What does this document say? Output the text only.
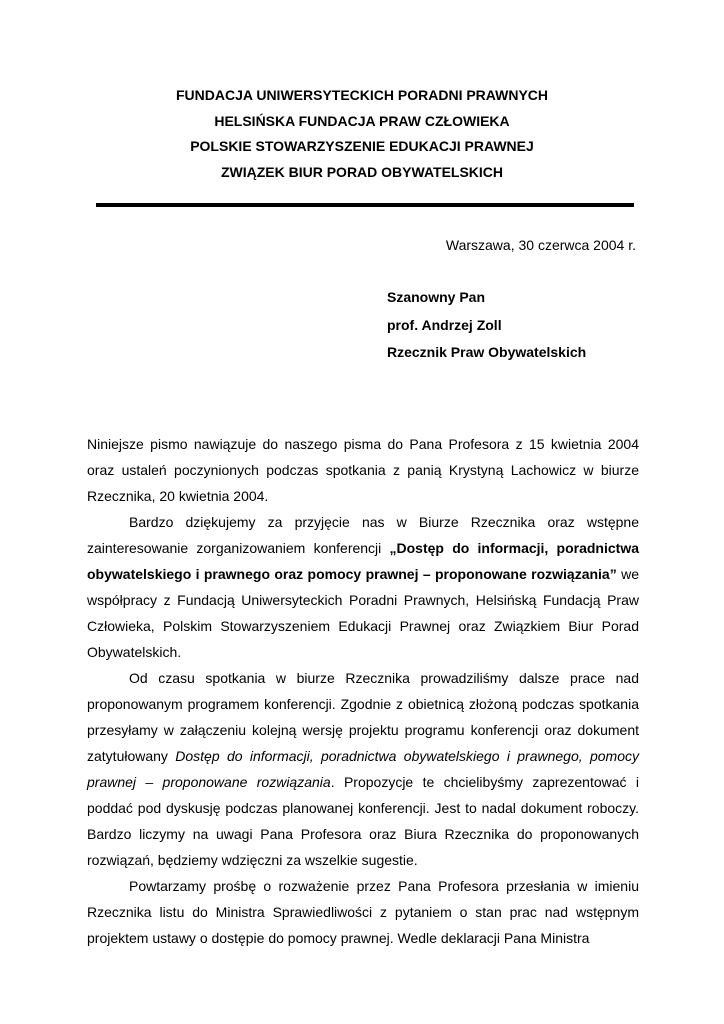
FUNDACJA UNIWERSYTECKICH PORADNI PRAWNYCH
HELSIŃSKA FUNDACJA PRAW CZŁOWIEKA
POLSKIE STOWARZYSZENIE EDUKACJI PRAWNEJ
ZWIĄZEK BIUR PORAD OBYWATELSKICH
Warszawa, 30 czerwca 2004 r.
Szanowny Pan
prof. Andrzej Zoll
Rzecznik Praw Obywatelskich

Niniejsze pismo nawiązuje do naszego pisma do Pana Profesora z 15 kwietnia 2004 oraz ustaleń poczynionych podczas spotkania z panią Krystyną Lachowicz w biurze Rzecznika, 20 kwietnia 2004.

Bardzo dziękujemy za przyjęcie nas w Biurze Rzecznika oraz wstępne zainteresowanie zorganizowaniem konferencji „Dostęp do informacji, poradnictwa obywatelskiego i prawnego oraz pomocy prawnej – proponowane rozwiązania” we współpracy z Fundacją Uniwersyteckich Poradni Prawnych, Helsińską Fundacją Praw Człowieka, Polskim Stowarzyszeniem Edukacji Prawnej oraz Związkiem Biur Porad Obywatelskich.

Od czasu spotkania w biurze Rzecznika prowadziliśmy dalsze prace nad proponowanym programem konferencji. Zgodnie z obietnicą złożoną podczas spotkania przesyłamy w załączeniu kolejną wersję projektu programu konferencji oraz dokument zatytułowany Dostęp do informacji, poradnictwa obywatelskiego i prawnego, pomocy prawnej – proponowane rozwiązania. Propozycje te chcielibyśmy zaprezentować i poddać pod dyskusję podczas planowanej konferencji. Jest to nadal dokument roboczy. Bardzo liczymy na uwagi Pana Profesora oraz Biura Rzecznika do proponowanych rozwiązań, będziemy wdzięczni za wszelkie sugestie.

Powtarzamy prośbę o rozważenie przez Pana Profesora przesłania w imieniu Rzecznika listu do Ministra Sprawiedliwości z pytaniem o stan prac nad wstępnym projektem ustawy o dostępie do pomocy prawnej. Wedle deklaracji Pana Ministra
